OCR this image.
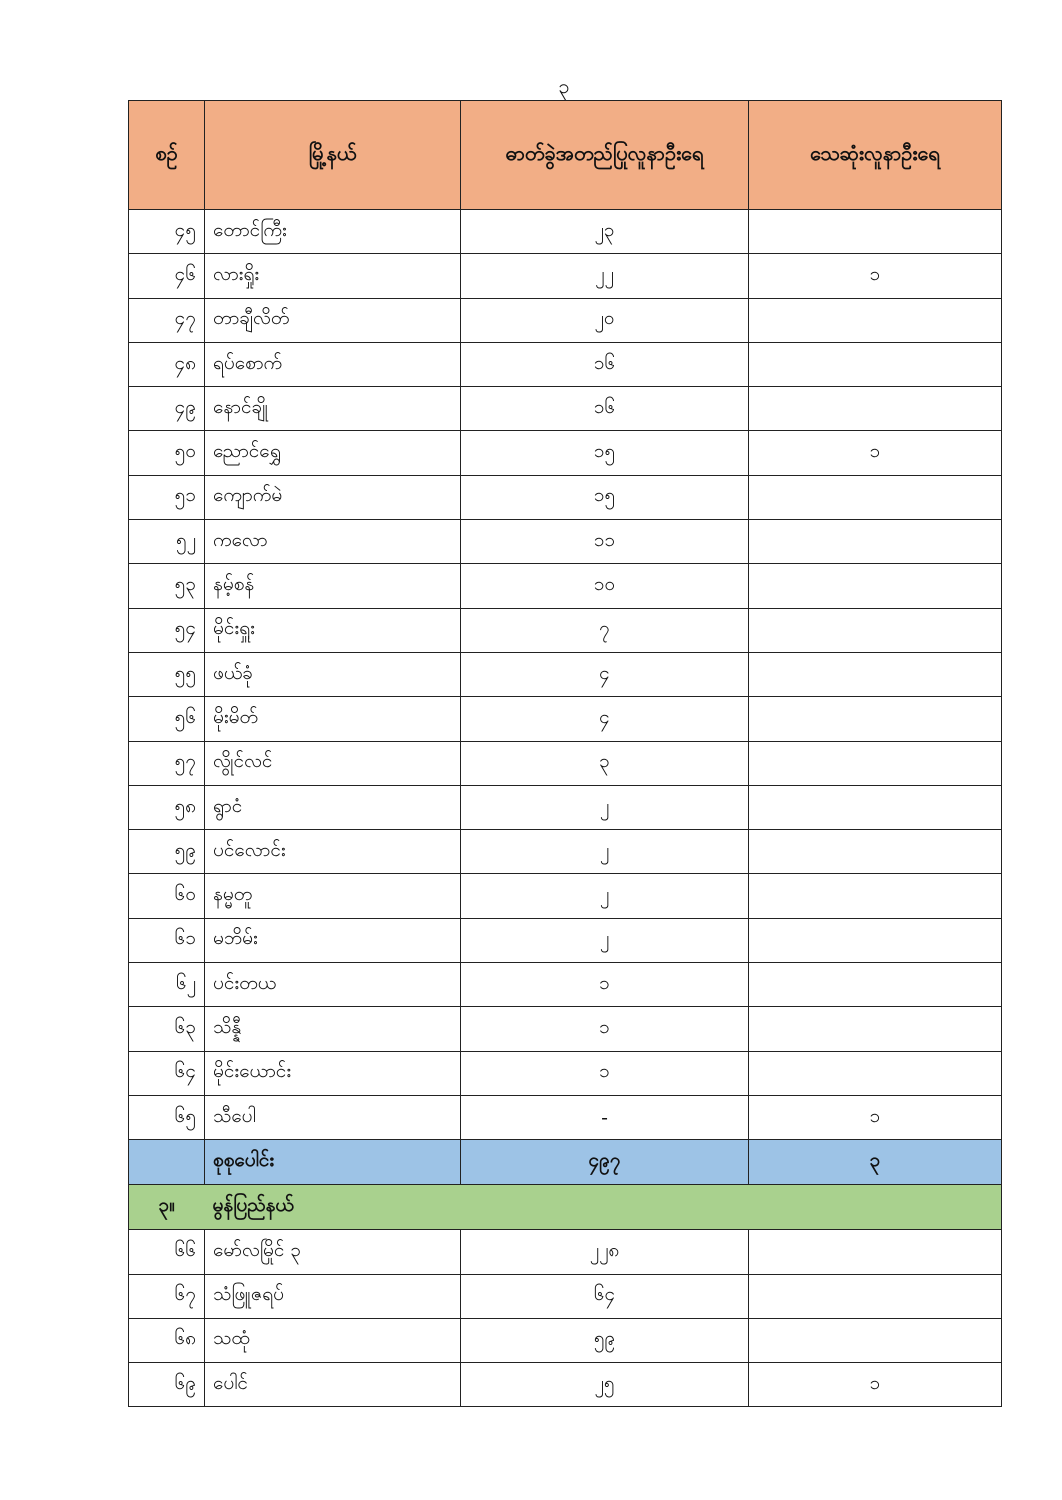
၃
စဉ်	မြို့နယ်	ဓာတ်ခွဲအတည်ပြုလူနာဦးရေ	သေဆုံးလူနာဦးရေ
၄၅	တောင်ကြီး	၂၃	
၄၆	လားရှိုး	၂၂	၁
၄၇	တာချီလိတ်	၂၀	
၄၈	ရပ်စောက်	၁၆	
၄၉	နောင်ချို	၁၆	
၅၀	ညောင်ရွှေ	၁၅	၁
၅၁	ကျောက်မဲ	၁၅	
၅၂	ကလော	၁၁	
၅၃	နမ့်စန်	၁၀	
၅၄	မိုင်းရှူး	၇	
၅၅	ဖယ်ခုံ	၄	
၅၆	မိုးမိတ်	၄	
၅၇	လွိုင်လင်	၃	
၅၈	ရွာငံ	၂	
၅၉	ပင်လောင်း	၂	
၆၀	နမ္မတူ	၂	
၆၁	မဘိမ်း	၂	
၆၂	ပင်းတယ	၁	
၆၃	သိန္နီ	၁	
၆၄	မိုင်းယောင်း	၁	
၆၅	သီပေါ	-	၁
	စုစုပေါင်း	၄၉၇	၃
၃။	မွန်ပြည်နယ်		
၆၆	မော်လမြိုင် ၃	၂၂၈	
၆၇	သံဖြူဇရပ်	၆၄	
၆၈	သထုံ	၅၉	
၆၉	ပေါင်	၂၅	၁
